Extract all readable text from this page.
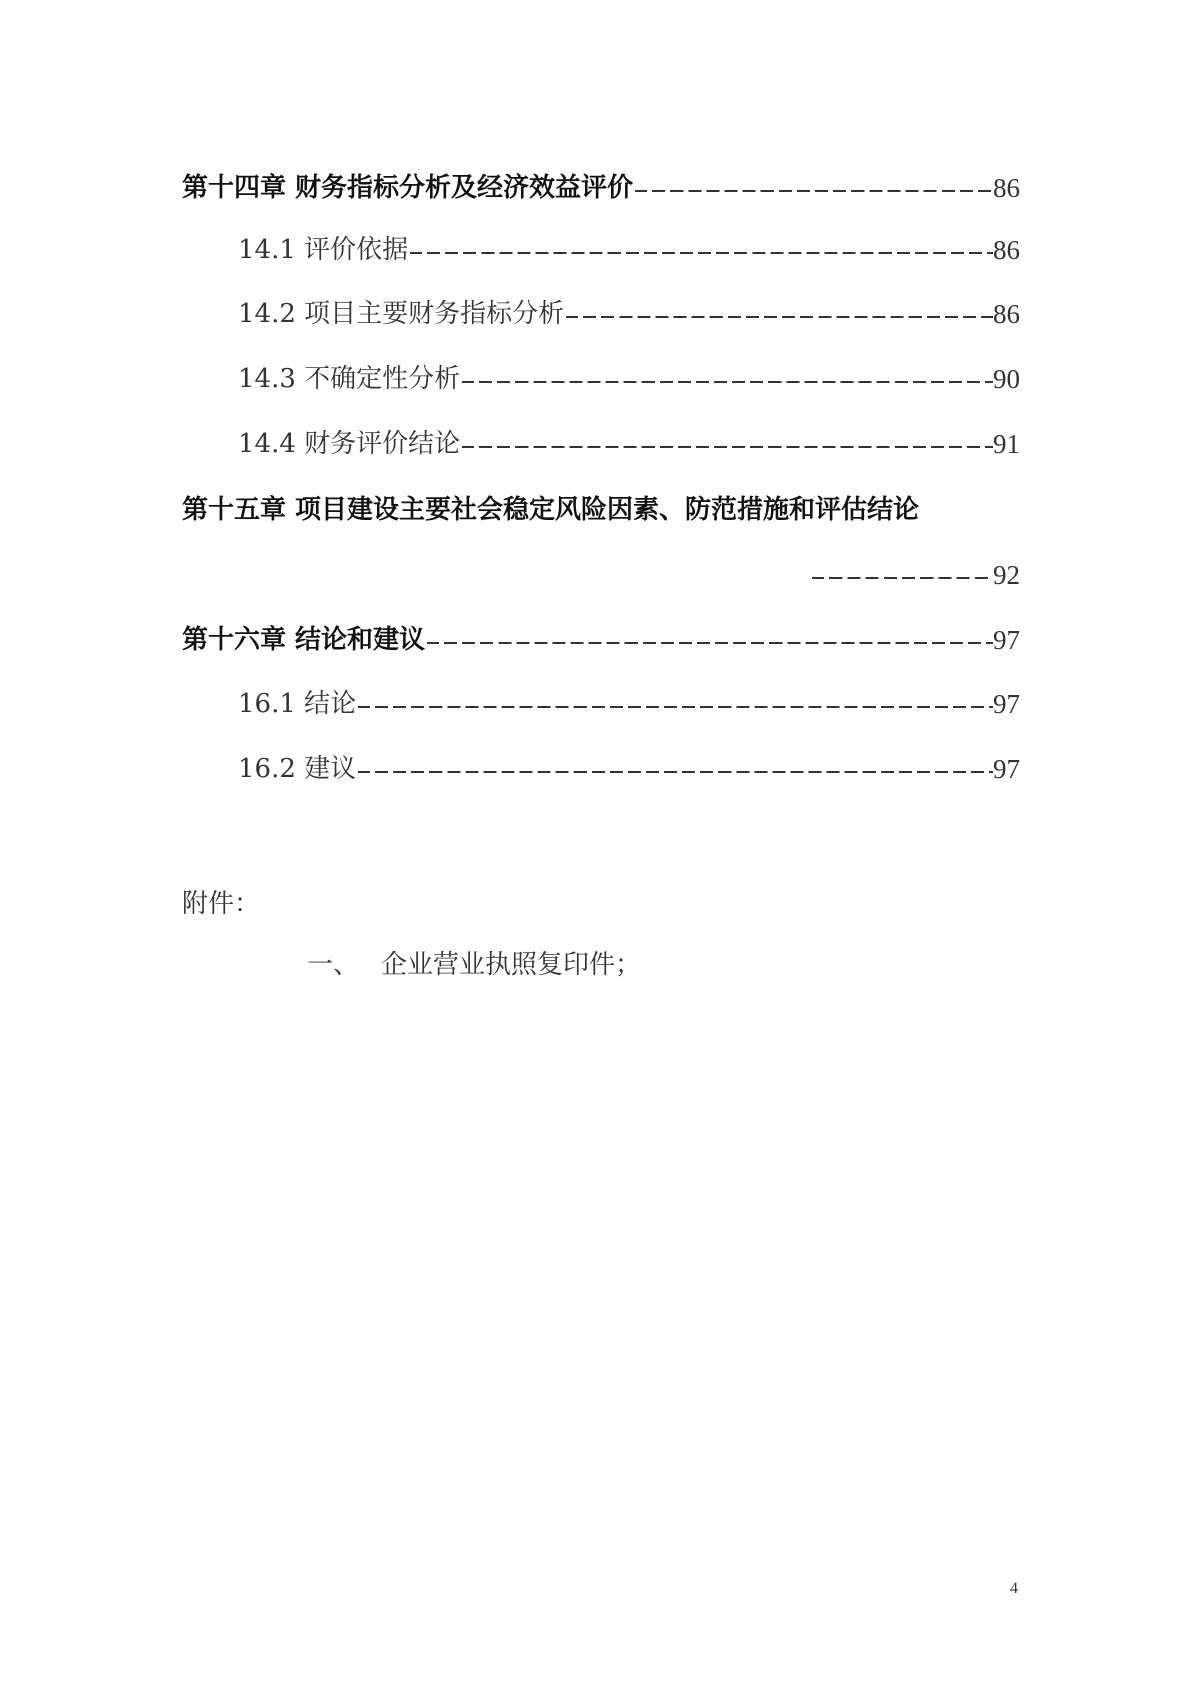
第十四章 财务指标分析及经济效益评价	86
14.1 评价依据	86
14.2 项目主要财务指标分析	86
14.3 不确定性分析	90
14.4 财务评价结论	91
第十五章 项目建设主要社会稳定风险因素、防范措施和评估结论
92
第十六章 结论和建议	97
16.1 结论	97
16.2 建议	97
附件：
一、 企业营业执照复印件；
4
